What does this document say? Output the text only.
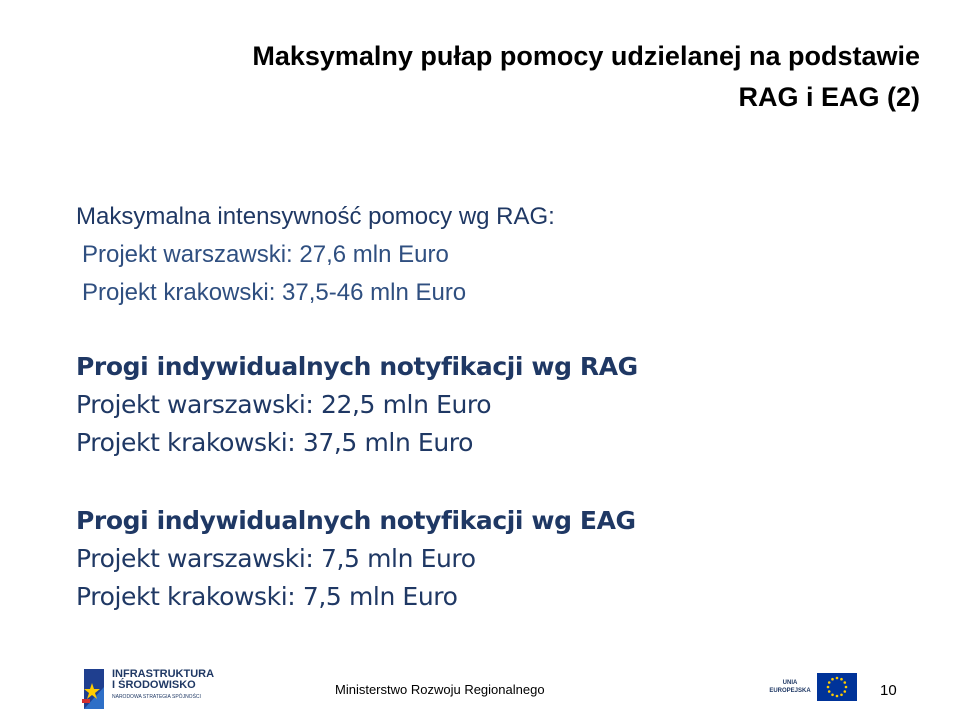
Maksymalny pułap pomocy udzielanej na podstawie
RAG i EAG (2)
Maksymalna intensywność pomocy wg RAG:
Projekt warszawski: 27,6 mln Euro
Projekt krakowski: 37,5-46 mln Euro
Progi indywidualnych notyfikacji wg RAG
Projekt warszawski: 22,5 mln Euro
Projekt krakowski: 37,5 mln Euro
Progi indywidualnych notyfikacji wg EAG
Projekt warszawski: 7,5 mln Euro
Projekt krakowski: 7,5 mln Euro
INFRASTRUKTURA
I ŚRODOWISKO
NARODOWA STRATEGIA SPÓJNOŚCI	Ministerstwo Rozwoju Regionalnego	UNIA
EUROPEJSKA	10
